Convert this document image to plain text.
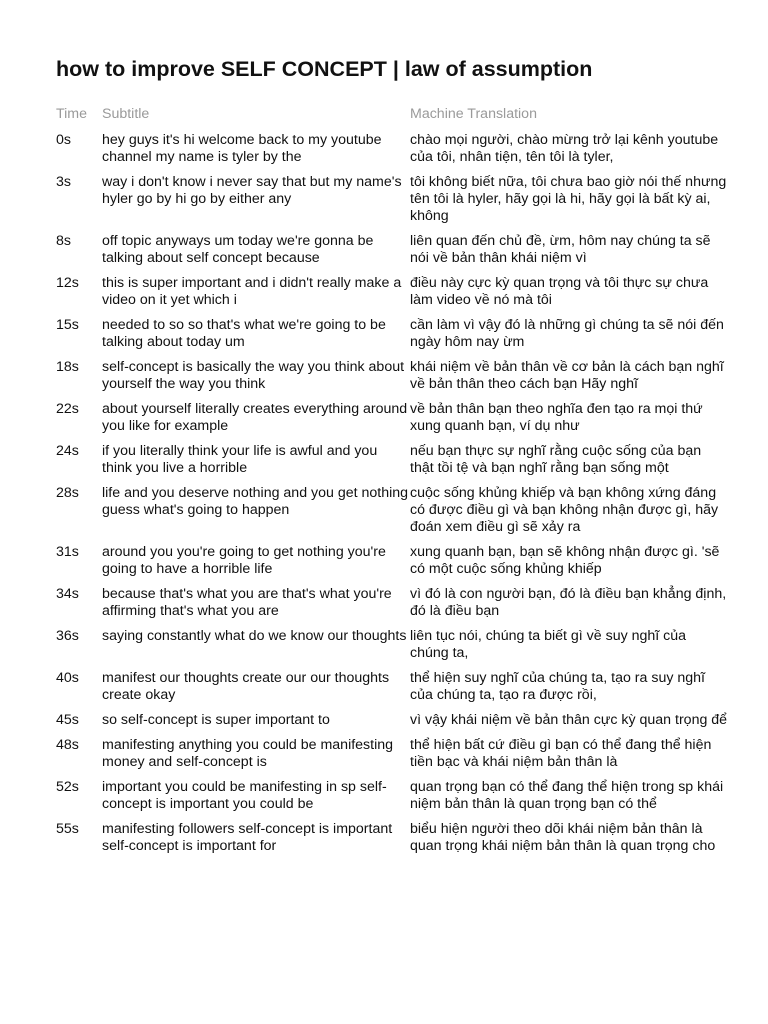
how to improve SELF CONCEPT | law of assumption
Time	Subtitle	Machine Translation
0s	hey guys it's hi welcome back to my youtube channel my name is tyler by the	chào mọi người, chào mừng trở lại kênh youtube của tôi, nhân tiện, tên tôi là tyler,
3s	way i don't know i never say that but my name's hyler go by hi go by either any	tôi không biết nữa, tôi chưa bao giờ nói thế nhưng tên tôi là hyler, hãy gọi là hi, hãy gọi là bất kỳ ai, không
8s	off topic anyways um today we're gonna be talking about self concept because	liên quan đến chủ đề, ừm, hôm nay chúng ta sẽ nói về bản thân khái niệm vì
12s	this is super important and i didn't really make a video on it yet which i	điều này cực kỳ quan trọng và tôi thực sự chưa làm video về nó mà tôi
15s	needed to so so that's what we're going to be talking about today um	cần làm vì vậy đó là những gì chúng ta sẽ nói đến ngày hôm nay ừm
18s	self-concept is basically the way you think about yourself the way you think	khái niệm về bản thân về cơ bản là cách bạn nghĩ về bản thân theo cách bạn Hãy nghĩ
22s	about yourself literally creates everything around you like for example	về bản thân bạn theo nghĩa đen tạo ra mọi thứ xung quanh bạn, ví dụ như
24s	if you literally think your life is awful and you think you live a horrible	nếu bạn thực sự nghĩ rằng cuộc sống của bạn thật tồi tệ và bạn nghĩ rằng bạn sống một
28s	life and you deserve nothing and you get nothing guess what's going to happen	cuộc sống khủng khiếp và bạn không xứng đáng có được điều gì và bạn không nhận được gì, hãy đoán xem điều gì sẽ xảy ra
31s	around you you're going to get nothing you're going to have a horrible life	xung quanh bạn, bạn sẽ không nhận được gì. 'sẽ có một cuộc sống khủng khiếp
34s	because that's what you are that's what you're affirming that's what you are	vì đó là con người bạn, đó là điều bạn khẳng định, đó là điều bạn
36s	saying constantly what do we know our thoughts	liên tục nói, chúng ta biết gì về suy nghĩ của chúng ta,
40s	manifest our thoughts create our our thoughts create okay	thể hiện suy nghĩ của chúng ta, tạo ra suy nghĩ của chúng ta, tạo ra được rồi,
45s	so self-concept is super important to	vì vậy khái niệm về bản thân cực kỳ quan trọng để
48s	manifesting anything you could be manifesting money and self-concept is	thể hiện bất cứ điều gì bạn có thể đang thể hiện tiền bạc và khái niệm bản thân là
52s	important you could be manifesting in sp self-concept is important you could be	quan trọng bạn có thể đang thể hiện trong sp khái niệm bản thân là quan trọng bạn có thể
55s	manifesting followers self-concept is important self-concept is important for	biểu hiện người theo dõi khái niệm bản thân là quan trọng khái niệm bản thân là quan trọng cho
